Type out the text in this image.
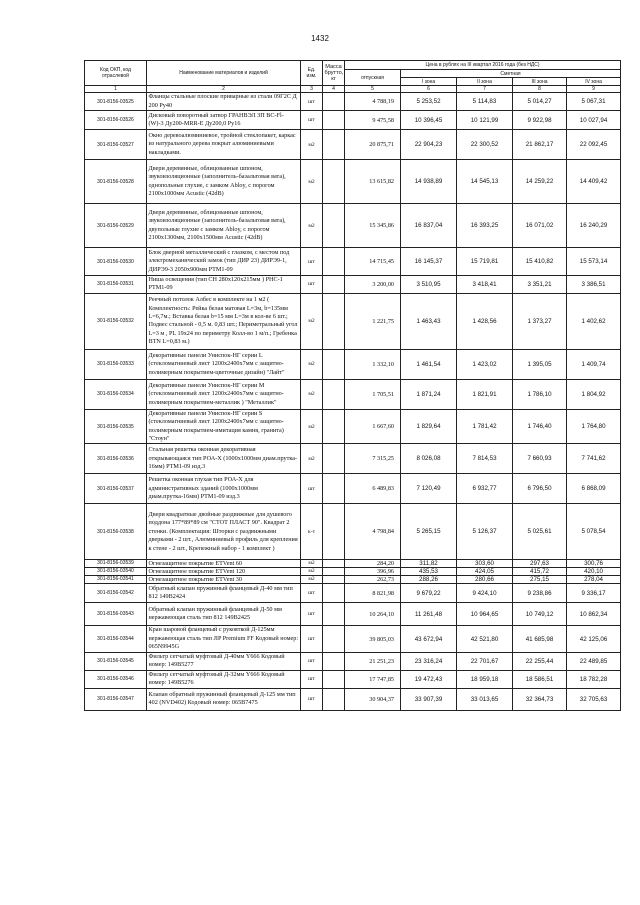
1432
Код ОКП, код отраслевой	Наименование материалов и изделий	Ед. изм.	Масса брутто, кг	Цена в рублях на III квартал 2016 года (без НДС)				
				отпускная	Сметная			
					I зона	II зона	III зона	IV зона
1	2	3	4	5	6	7	8	9
301-8156-03525	Фланцы стальные плоские приварные из стали 09Г2С Д 200 Ру40	шт		4 788,19	5 253,52	5 114,83	5 014,27	5 067,31
301-8156-03526	Дисковый поворотный затвор ГРАНВЭЛ ЗП ВС-Fl-(W)-3 Ду200-MRR-E Ду200,0 Ру16	шт		9 475,58	10 396,45	10 121,99	9 922,98	10 027,94
301-8156-03527	Окно деревоалюминиевое, тройной стеклопакет, каркас из натурального дерева покрыт алюминиевыми накладками.	м2		20 875,71	22 904,23	22 300,52	21 862,17	22 092,45
301-8156-03528	Двери деревянные, облицованные шпоном, звукоизоляционные (заполнитель-базальтовая вата), однопольные глухие, с замком Abloy, с порогом 2100х1000мм Acustic (42dB)	м2		13 615,82	14 938,89	14 545,13	14 259,22	14 409,42
301-8156-03529	Двери деревянные, облицованные шпоном, звукоизоляционные (заполнитель-базальтовая вата), двупольные глухие с замком Abloy, с порогом 2100х1300мм, 2100х1500мм Acustic (42dB)	м2		15 345,86	16 837,04	16 393,25	16 071,02	16 240,29
301-8156-03530	Блок дверной металлический с глазком, с местом под электромеханический замок (тип ДИР 23) ДИРЭ9-1, ДИРЭ9-3 2050х900мм РТМ1-09	шт		14 715,45	16 145,37	15 719,81	15 410,82	15 573,14
301-8156-03531	Ниша освещения (тип СН 280х120х215мм ) РНС-1 РТМ1-09	шт		3 200,00	3 510,95	3 418,41	3 351,21	3 386,51
301-8156-03532	Реечный потолок Албес в комплекте на 1 м2 ( Комплектность: Рейка белая матовая L=3м, b=135мм L=6,7м.; Вставка белая b=15 мм L=3м в кол-ве 6 шт.; Подвес стальной - 0,5 м. 0,83 шт.; Периметральный угол L=3 м , PL 19х24 по периметру Колл-во 1 м/п.; Гребенка BTN L=0,83 м.)	м2		1 221,75	1 463,43	1 428,56	1 373,27	1 402,62
301-8156-03533	Декоративные панели Униспок-НГ серии L (стекломагниевый лист 1200х2400х7мм с защитно-полимерным покрытием-цветочные дизайн) "Лайт"	м2		1 332,10	1 461,54	1 423,02	1 395,05	1 409,74
301-8156-03534	Декоративные панели Униспок-НГ серии М (стекломагниевый лист 1200х2400х7мм с защитно-полимерным покрытием-металлик ) "Металлик"	м2		1 705,51	1 871,24	1 821,91	1 786,10	1 804,92
301-8156-03535	Декоративные панели Униспок-НГ серии S (стекломагниевый лист 1200х2400х7мм с защитно-полимерным покрытием-имитация камня, гранита) "Стоун"	м2		1 667,60	1 829,64	1 781,42	1 746,40	1 764,80
301-8156-03536	Стальная решетка оконная декоративная открывающаяся тип РОА-Х (1000х1000мм диам.прутка- 16мм) РТМ1-09 изд.3	м2		7 315,25	8 026,08	7 814,53	7 660,93	7 741,62
301-8156-03537	Решетка оконная глухая тип РОА-Х для административных зданий (1000х1000мм диам.прутка-16мм) РТМ1-09 изд.3	шт		6 489,83	7 120,49	6 932,77	6 796,50	6 868,09
301-8156-03538	Двери квадратные двойные раздвижные для душевого поддона 177*89*89 см "СТОТ ПЛАСТ 90". Квадрат 2 стенки. (Комплектация: Шторки с раздвижными дверками - 2 шт., Алюминиевый профиль для крепления к стене - 2 шт., Крепежный набор - 1 комплект )	к-т		4 798,84	5 265,15	5 126,37	5 025,61	5 078,54
301-8156-03539	Огнезащитное покрытие ETVent 60	м2		284,20	311,82	303,60	297,63	300,76
301-8156-03540	Огнезащитное покрытие ETVent 120	м2		396,96	435,53	424,05	415,72	420,10
301-8156-03541	Огнезащитное покрытие ETVent 30	м2		262,73	288,26	280,66	275,15	278,04
301-8156-03542	Обратный клапан пружинный фланцевый Д-40 мм тип 812 149В2424	шт		8 821,98	9 679,22	9 424,10	9 238,86	9 336,17
301-8156-03543	Обратный клапан пружинный фланцевый Д-50 мм нержавеющая сталь тип 812 149В2425	шт		10 264,10	11 261,48	10 964,65	10 749,12	10 862,34
301-8156-03544	Кран шаровой фланцевый с рукояткой Д-125мм нержавеющая сталь тип JIP Premium FF Кодовый номер: 065N9945G	шт		39 805,03	43 672,94	42 521,80	41 685,98	42 125,06
301-8156-03545	Фильтр сетчатый муфтовый Д-40мм Y666 Кодовый номер: 149В5277	шт		21 251,23	23 316,24	22 701,67	22 255,44	22 489,85
301-8156-03546	Фильтр сетчатый муфтовый Д-32мм Y666 Кодовый номер: 149В5276	шт		17 747,85	19 472,43	18 959,18	18 586,51	18 782,28
301-8156-03547	Клапан обратный пружинный фланцевый Д-125 мм тип 402 (NVD402) Кодовый номер: 065В7475	шт		30 904,37	33 907,39	33 013,65	32 364,73	32 705,63
